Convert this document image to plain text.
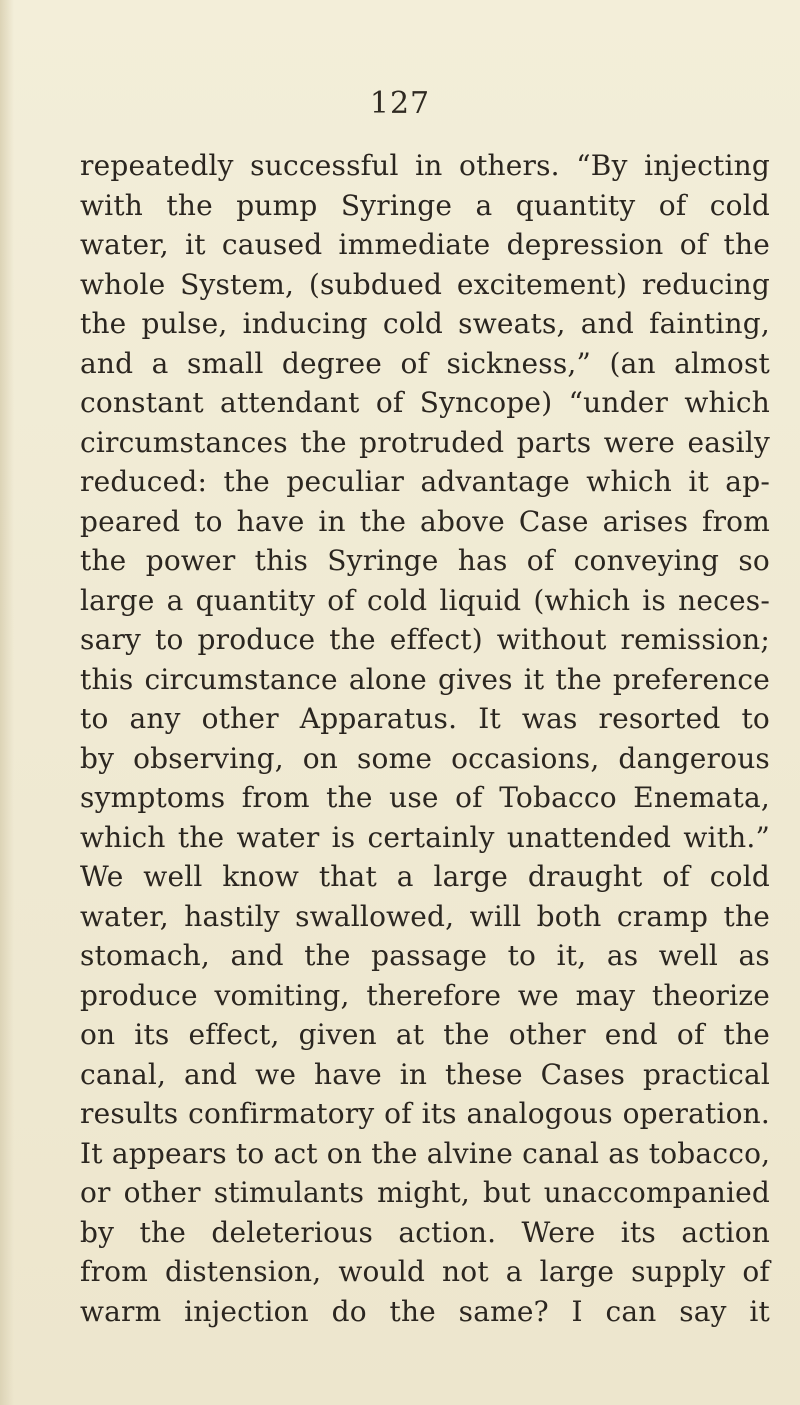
127
repeatedly successful in others. “By injecting
with the pump Syringe a quantity of cold
water, it caused immediate depression of the
whole System, (subdued excitement) reducing
the pulse, inducing cold sweats, and fainting,
and a small degree of sickness,” (an almost
constant attendant of Syncope) “under which
circumstances the protruded parts were easily
reduced: the peculiar advantage which it ap-
peared to have in the above Case arises from
the power this Syringe has of conveying so
large a quantity of cold liquid (which is neces-
sary to produce the effect) without remission;
this circumstance alone gives it the preference
to any other Apparatus. It was resorted to
by observing, on some occasions, dangerous
symptoms from the use of Tobacco Enemata,
which the water is certainly unattended with.”
We well know that a large draught of cold
water, hastily swallowed, will both cramp the
stomach, and the passage to it, as well as
produce vomiting, therefore we may theorize
on its effect, given at the other end of the
canal, and we have in these Cases practical
results confirmatory of its analogous operation.
It appears to act on the alvine canal as tobacco,
or other stimulants might, but unaccompanied
by the deleterious action. Were its action
from distension, would not a large supply of
warm injection do the same? I can say it
